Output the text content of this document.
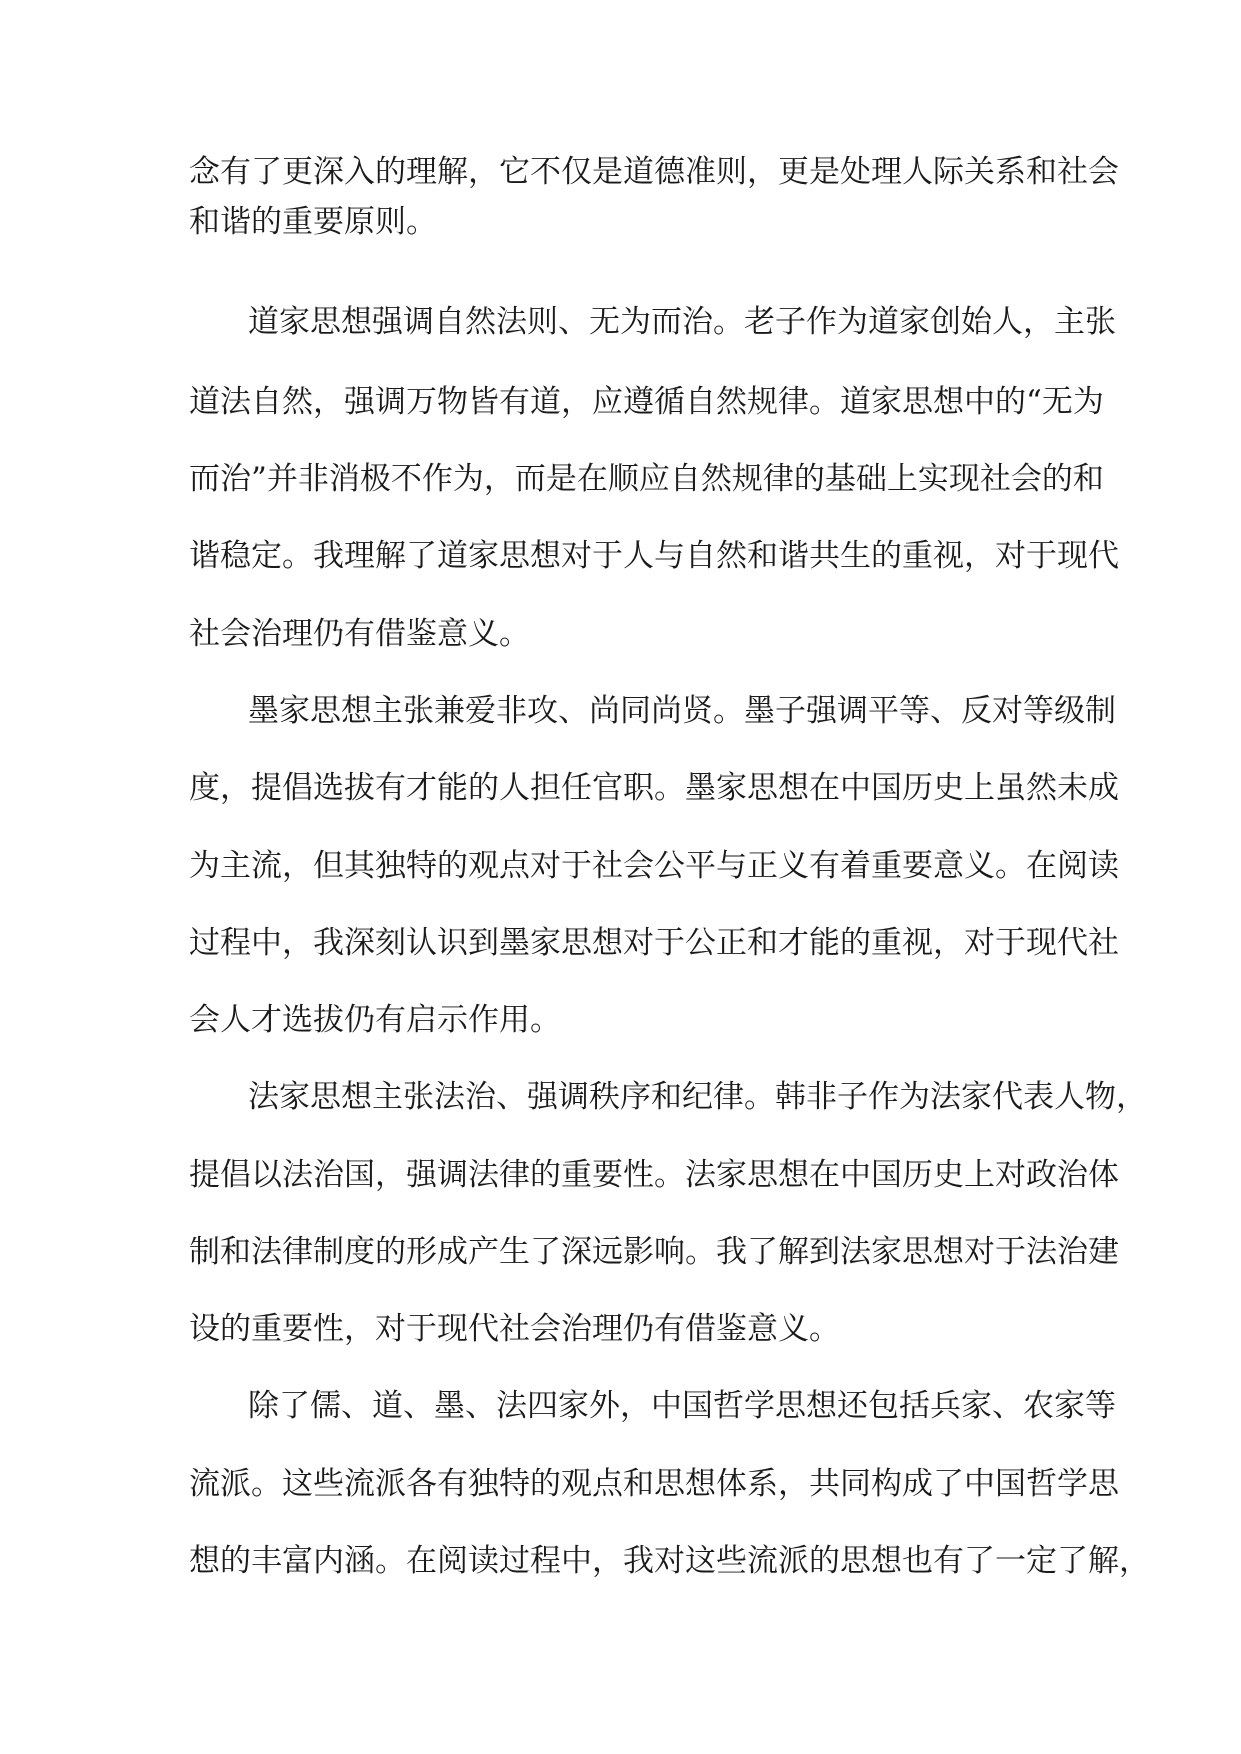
念有了更深入的理解，它不仅是道德准则，更是处理人际关系和社会
和谐的重要原则。
道家思想强调自然法则、无为而治。老子作为道家创始人，主张
道法自然，强调万物皆有道，应遵循自然规律。道家思想中的“无为
而治”并非消极不作为，而是在顺应自然规律的基础上实现社会的和
谐稳定。我理解了道家思想对于人与自然和谐共生的重视，对于现代
社会治理仍有借鉴意义。
墨家思想主张兼爱非攻、尚同尚贤。墨子强调平等、反对等级制
度，提倡选拔有才能的人担任官职。墨家思想在中国历史上虽然未成
为主流，但其独特的观点对于社会公平与正义有着重要意义。在阅读
过程中，我深刻认识到墨家思想对于公正和才能的重视，对于现代社
会人才选拔仍有启示作用。
法家思想主张法治、强调秩序和纪律。韩非子作为法家代表人物，
提倡以法治国，强调法律的重要性。法家思想在中国历史上对政治体
制和法律制度的形成产生了深远影响。我了解到法家思想对于法治建
设的重要性，对于现代社会治理仍有借鉴意义。
除了儒、道、墨、法四家外，中国哲学思想还包括兵家、农家等
流派。这些流派各有独特的观点和思想体系，共同构成了中国哲学思
想的丰富内涵。在阅读过程中，我对这些流派的思想也有了一定了解，
